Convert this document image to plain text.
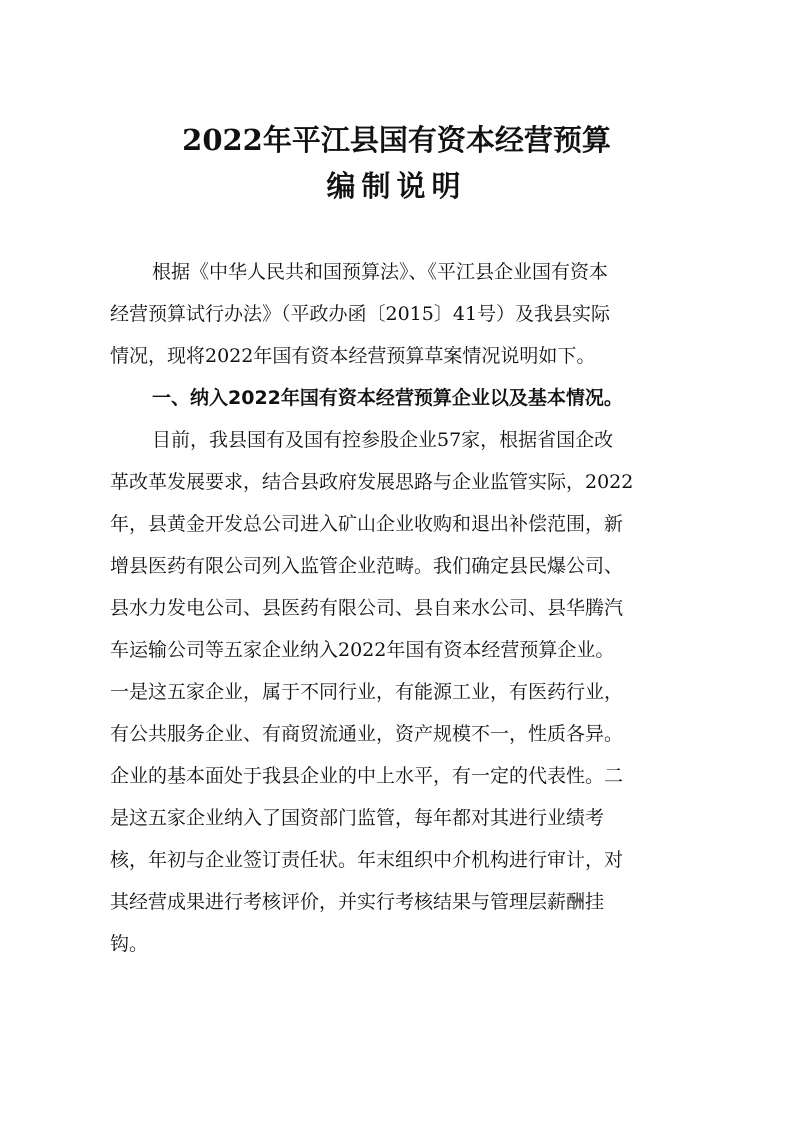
2022年平江县国有资本经营预算
编制说明
根据《中华人民共和国预算法》、《平江县企业国有资本
经营预算试行办法》（平政办函〔2015〕41号）及我县实际
情况，现将2022年国有资本经营预算草案情况说明如下。
一、纳入2022年国有资本经营预算企业以及基本情况。
目前，我县国有及国有控参股企业57家，根据省国企改
革改革发展要求，结合县政府发展思路与企业监管实际，2022
年，县黄金开发总公司进入矿山企业收购和退出补偿范围，新
增县医药有限公司列入监管企业范畴。我们确定县民爆公司、
县水力发电公司、县医药有限公司、县自来水公司、县华腾汽
车运输公司等五家企业纳入2022年国有资本经营预算企业。
一是这五家企业，属于不同行业，有能源工业，有医药行业，
有公共服务企业、有商贸流通业，资产规模不一，性质各异。
企业的基本面处于我县企业的中上水平，有一定的代表性。二
是这五家企业纳入了国资部门监管，每年都对其进行业绩考
核，年初与企业签订责任状。年末组织中介机构进行审计，对
其经营成果进行考核评价，并实行考核结果与管理层薪酬挂
钩。
